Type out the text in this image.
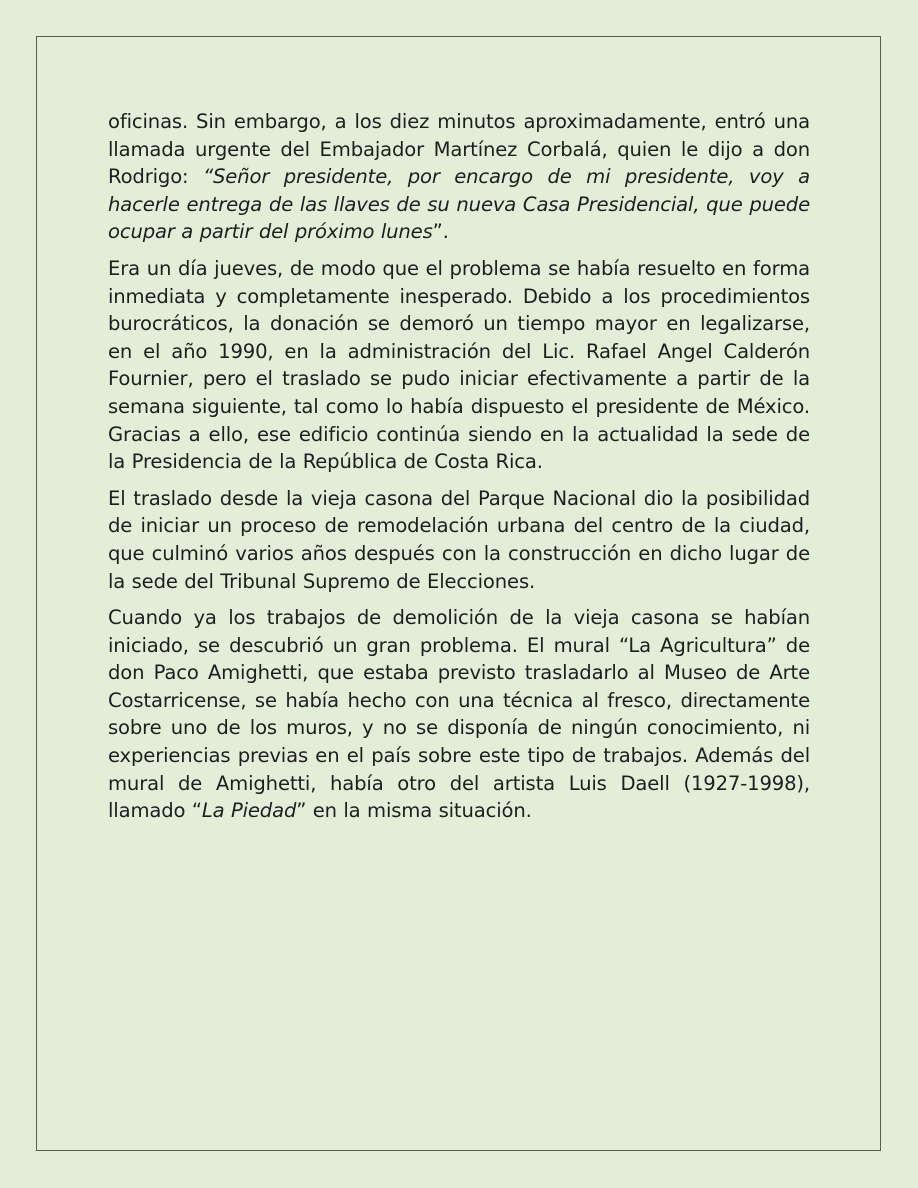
oficinas. Sin embargo, a los diez minutos aproximadamente, entró una llamada urgente del Embajador Martínez Corbalá, quien le dijo a don Rodrigo: “Señor presidente, por encargo de mi presidente, voy a hacerle entrega de las llaves de su nueva Casa Presidencial, que puede ocupar a partir del próximo lunes”.

Era un día jueves, de modo que el problema se había resuelto en forma inmediata y completamente inesperado. Debido a los procedimientos burocráticos, la donación se demoró un tiempo mayor en legalizarse, en el año 1990, en la administración del Lic. Rafael Angel Calderón Fournier, pero el traslado se pudo iniciar efectivamente a partir de la semana siguiente, tal como lo había dispuesto el presidente de México. Gracias a ello, ese edificio continúa siendo en la actualidad la sede de la Presidencia de la República de Costa Rica.

El traslado desde la vieja casona del Parque Nacional dio la posibilidad de iniciar un proceso de remodelación urbana del centro de la ciudad, que culminó varios años después con la construcción en dicho lugar de la sede del Tribunal Supremo de Elecciones.

Cuando ya los trabajos de demolición de la vieja casona se habían iniciado, se descubrió un gran problema. El mural “La Agricultura” de don Paco Amighetti, que estaba previsto trasladarlo al Museo de Arte Costarricense, se había hecho con una técnica al fresco, directamente sobre uno de los muros, y no se disponía de ningún conocimiento, ni experiencias previas en el país sobre este tipo de trabajos. Además del mural de Amighetti, había otro del artista Luis Daell (1927-1998), llamado “La Piedad” en la misma situación.
